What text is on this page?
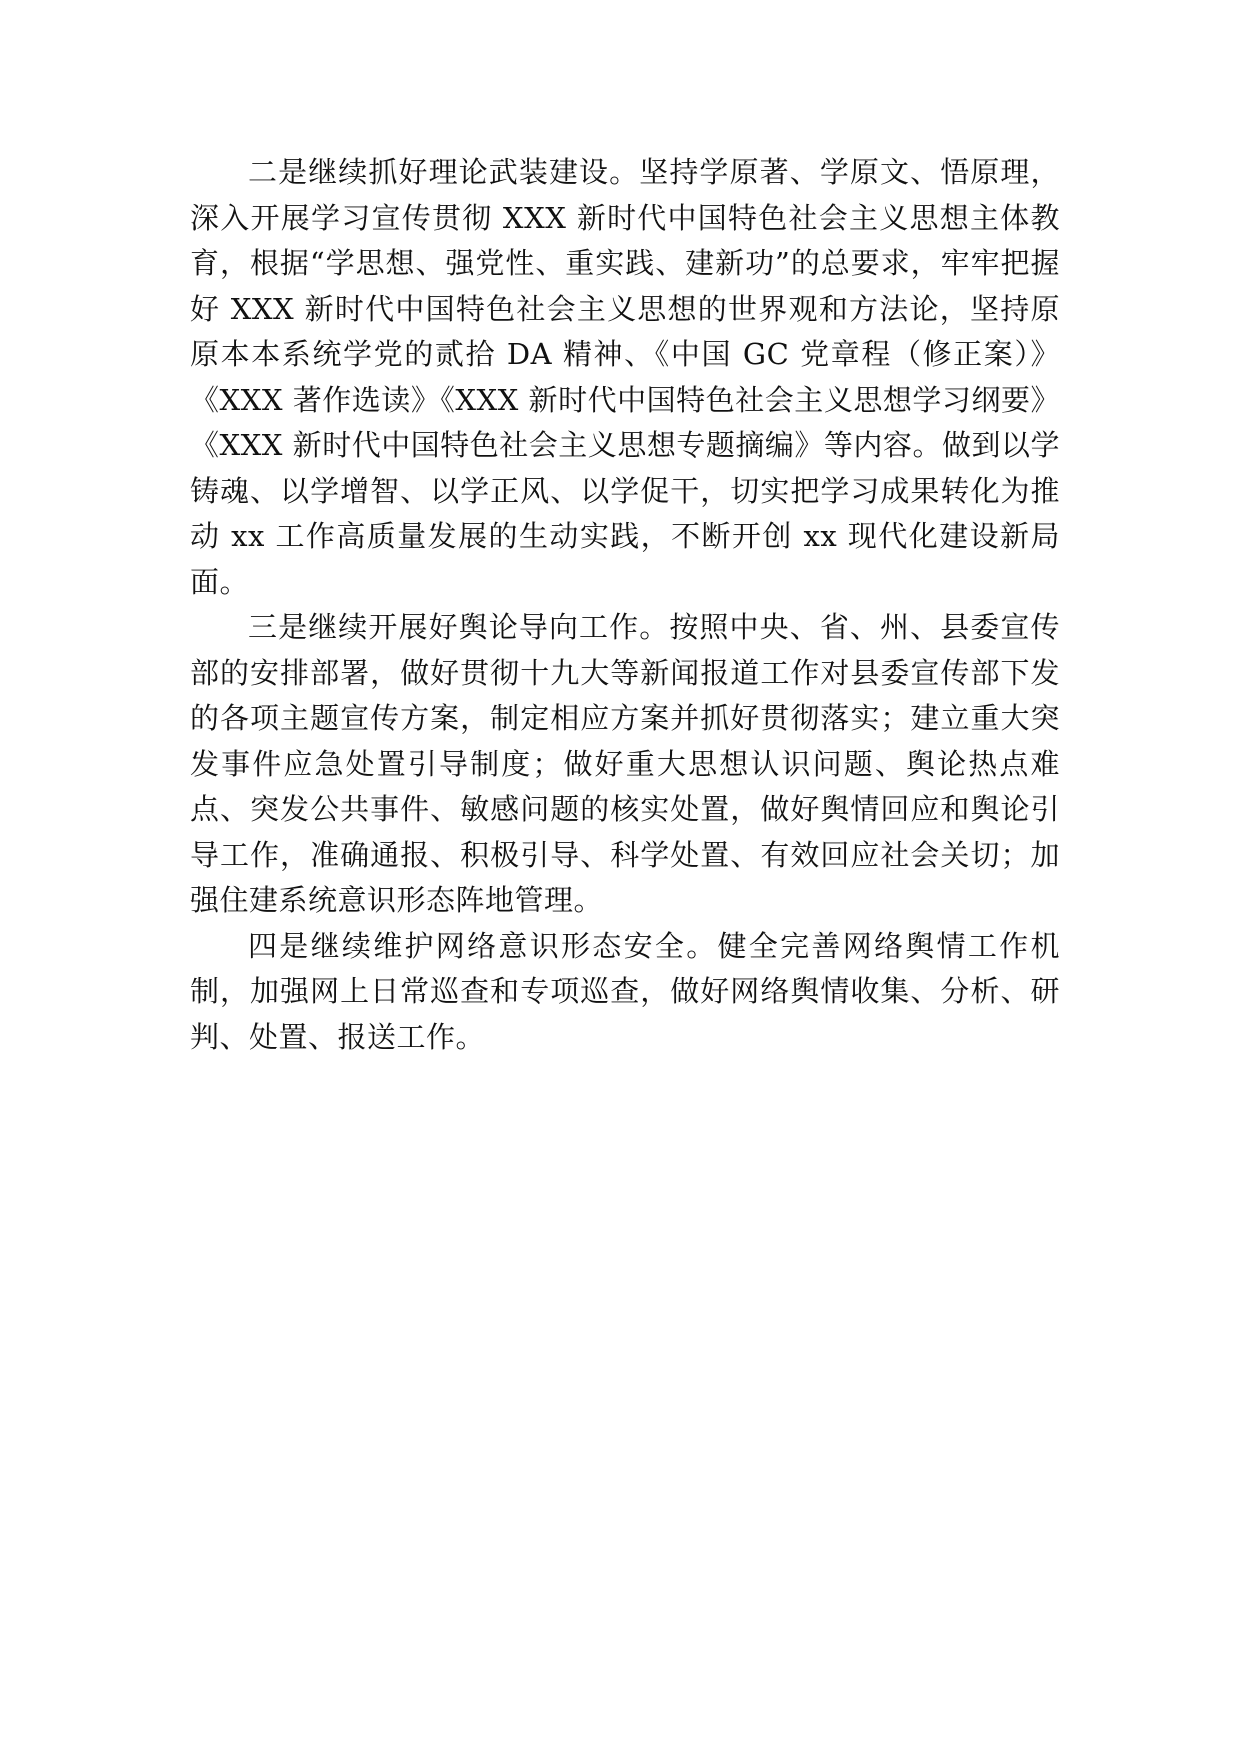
二是继续抓好理论武装建设。坚持学原著、学原文、悟原理，深入开展学习宣传贯彻 XXX 新时代中国特色社会主义思想主体教育，根据“学思想、强党性、重实践、建新功”的总要求，牢牢把握好 XXX 新时代中国特色社会主义思想的世界观和方法论，坚持原原本本系统学党的贰拾 DA 精神、《中国 GC 党章程（修正案）》《XXX 著作选读》《XXX 新时代中国特色社会主义思想学习纲要》《XXX 新时代中国特色社会主义思想专题摘编》等内容。做到以学铸魂、以学增智、以学正风、以学促干，切实把学习成果转化为推动 xx 工作高质量发展的生动实践，不断开创 xx 现代化建设新局面。

三是继续开展好舆论导向工作。按照中央、省、州、县委宣传部的安排部署，做好贯彻十九大等新闻报道工作对县委宣传部下发的各项主题宣传方案，制定相应方案并抓好贯彻落实；建立重大突发事件应急处置引导制度；做好重大思想认识问题、舆论热点难点、突发公共事件、敏感问题的核实处置，做好舆情回应和舆论引导工作，准确通报、积极引导、科学处置、有效回应社会关切；加强住建系统意识形态阵地管理。

四是继续维护网络意识形态安全。健全完善网络舆情工作机制，加强网上日常巡查和专项巡查，做好网络舆情收集、分析、研判、处置、报送工作。
